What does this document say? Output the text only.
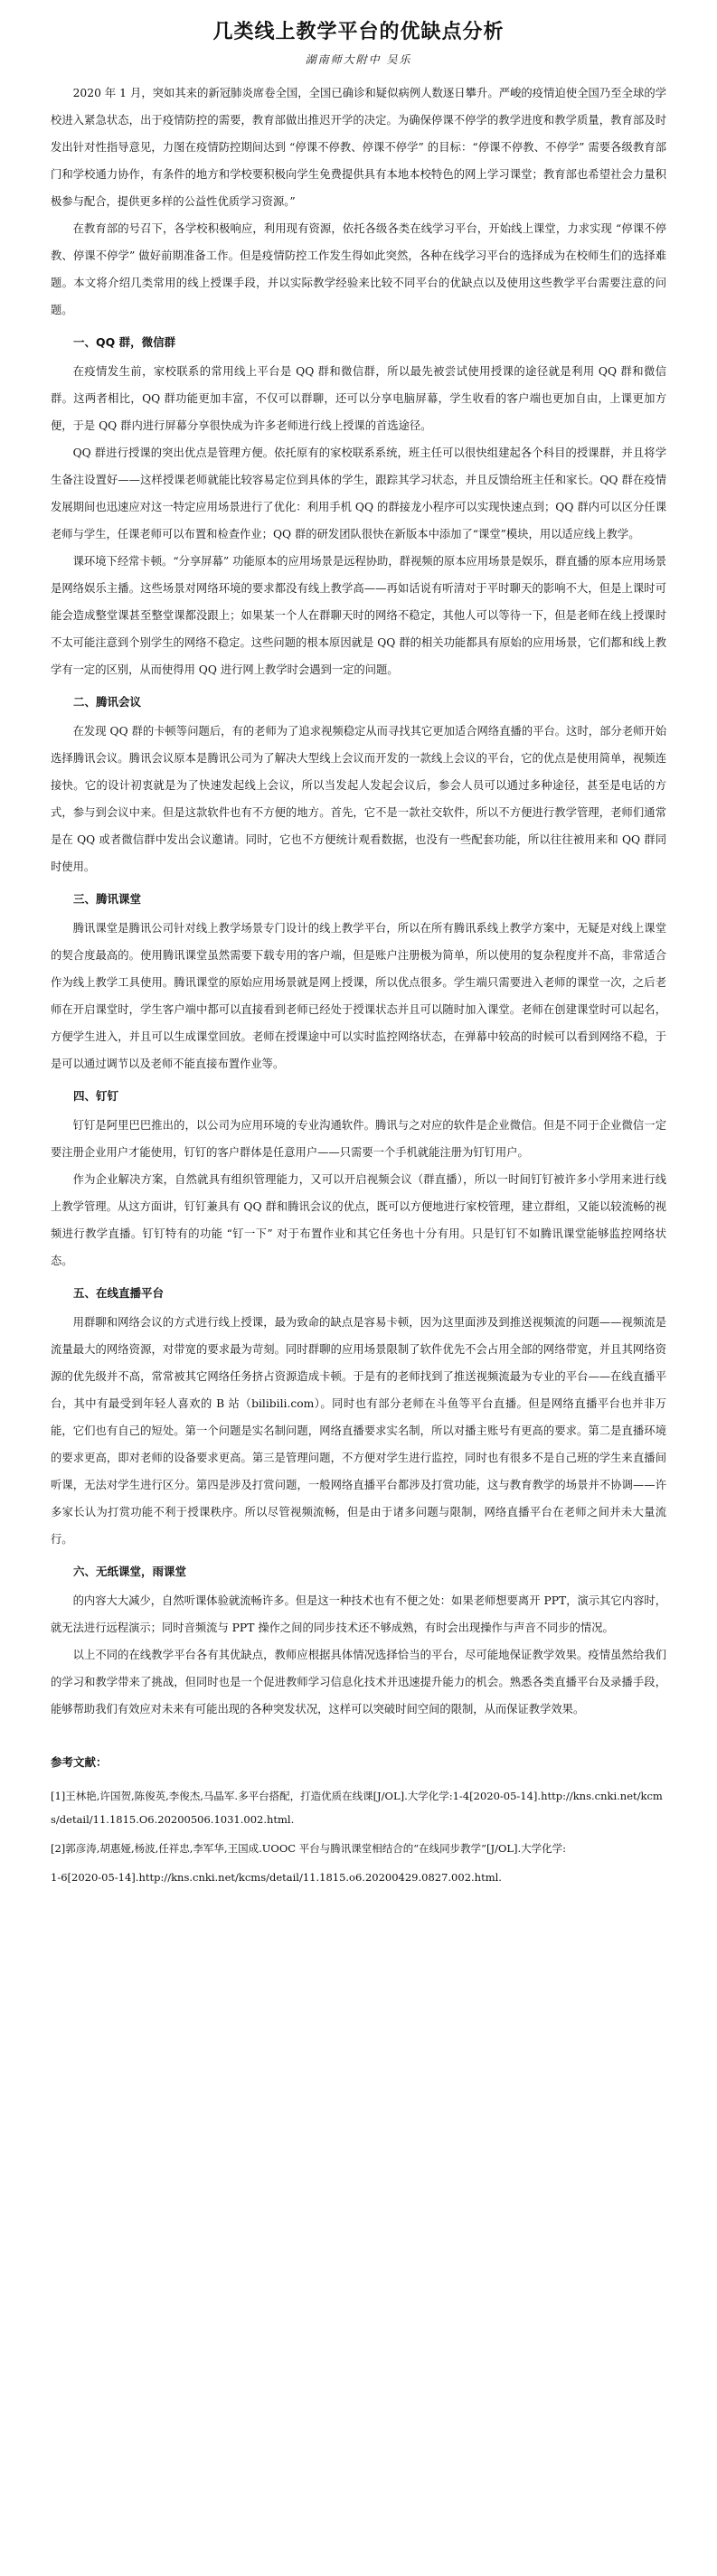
几类线上教学平台的优缺点分析
湖南师大附中 吴乐

2020 年 1 月，突如其来的新冠肺炎席卷全国，全国已确诊和疑似病例人数逐日攀升。严峻的疫情迫使全国乃至全球的学校进入紧急状态，出于疫情防控的需要，教育部做出推迟开学的决定。为确保停课不停学的教学进度和教学质量，教育部及时发出针对性指导意见，力图在疫情防控期间达到 “停课不停教、停课不停学” 的目标：“停课不停教、不停学” 需要各级教育部门和学校通力协作，有条件的地方和学校要积极向学生免费提供具有本地本校特色的网上学习课堂；教育部也希望社会力量积极参与配合，提供更多样的公益性优质学习资源。”

在教育部的号召下，各学校积极响应，利用现有资源，依托各级各类在线学习平台，开始线上课堂，力求实现 “停课不停教、停课不停学” 做好前期准备工作。但是疫情防控工作发生得如此突然，各种在线学习平台的选择成为在校师生们的选择难题。本文将介绍几类常用的线上授课手段，并以实际教学经验来比较不同平台的优缺点以及使用这些教学平台需要注意的问题。

一、QQ 群，微信群

在疫情发生前，家校联系的常用线上平台是 QQ 群和微信群，所以最先被尝试使用授课的途径就是利用 QQ 群和微信群。这两者相比，QQ 群功能更加丰富，不仅可以群聊，还可以分享电脑屏幕，学生收看的客户端也更加自由，上课更加方便，于是 QQ 群内进行屏幕分享很快成为许多老师进行线上授课的首选途径。

QQ 群进行授课的突出优点是管理方便。依托原有的家校联系系统，班主任可以很快组建起各个科目的授课群，并且将学生备注设置好——这样授课老师就能比较容易定位到具体的学生，跟踪其学习状态，并且反馈给班主任和家长。QQ 群在疫情发展期间也迅速应对这一特定应用场景进行了优化：利用手机 QQ 的群接龙小程序可以实现快速点到；QQ 群内可以区分任课老师与学生，任课老师可以布置和检查作业；QQ 群的研发团队很快在新版本中添加了“课堂”模块，用以适应线上教学。

课环境下经常卡顿。“分享屏幕” 功能原本的应用场景是远程协助，群视频的原本应用场景是娱乐，群直播的原本应用场景是网络娱乐主播。这些场景对网络环境的要求都没有线上教学高——再如话说有听清对于平时聊天的影响不大，但是上课时可能会造成整堂课甚至整堂课都没跟上；如果某一个人在群聊天时的网络不稳定，其他人可以等待一下，但是老师在线上授课时不太可能注意到个别学生的网络不稳定。这些问题的根本原因就是 QQ 群的相关功能都具有原始的应用场景，它们都和线上教学有一定的区别，从而使得用 QQ 进行网上教学时会遇到一定的问题。

二、腾讯会议

在发现 QQ 群的卡顿等问题后，有的老师为了追求视频稳定从而寻找其它更加适合网络直播的平台。这时，部分老师开始选择腾讯会议。腾讯会议原本是腾讯公司为了解决大型线上会议而开发的一款线上会议的平台，它的优点是使用简单，视频连接快。它的设计初衷就是为了快速发起线上会议，所以当发起人发起会议后，参会人员可以通过多种途径，甚至是电话的方式，参与到会议中来。但是这款软件也有不方便的地方。首先，它不是一款社交软件，所以不方便进行教学管理，老师们通常是在 QQ 或者微信群中发出会议邀请。同时，它也不方便统计观看数据，也没有一些配套功能，所以往往被用来和 QQ 群同时使用。

三、腾讯课堂

腾讯课堂是腾讯公司针对线上教学场景专门设计的线上教学平台，所以在所有腾讯系线上教学方案中，无疑是对线上课堂的契合度最高的。使用腾讯课堂虽然需要下载专用的客户端，但是账户注册极为简单，所以使用的复杂程度并不高，非常适合作为线上教学工具使用。腾讯课堂的原始应用场景就是网上授课，所以优点很多。学生端只需要进入老师的课堂一次，之后老师在开启课堂时，学生客户端中都可以直接看到老师已经处于授课状态并且可以随时加入课堂。老师在创建课堂时可以起名，方便学生进入，并且可以生成课堂回放。老师在授课途中可以实时监控网络状态，在弹幕中较高的时候可以看到网络不稳，于是可以通过调节以及老师不能直接布置作业等。

四、钉钉

钉钉是阿里巴巴推出的，以公司为应用环境的专业沟通软件。腾讯与之对应的软件是企业微信。但是不同于企业微信一定要注册企业用户才能使用，钉钉的客户群体是任意用户——只需要一个手机就能注册为钉钉用户。

作为企业解决方案，自然就具有组织管理能力，又可以开启视频会议（群直播），所以一时间钉钉被许多小学用来进行线上教学管理。从这方面讲，钉钉兼具有 QQ 群和腾讯会议的优点，既可以方便地进行家校管理，建立群组，又能以较流畅的视频进行教学直播。钉钉特有的功能 “钉一下” 对于布置作业和其它任务也十分有用。只是钉钉不如腾讯课堂能够监控网络状态。

五、在线直播平台

用群聊和网络会议的方式进行线上授课，最为致命的缺点是容易卡顿，因为这里面涉及到推送视频流的问题——视频流是流量最大的网络资源，对带宽的要求最为苛刻。同时群聊的应用场景限制了软件优先不会占用全部的网络带宽，并且其网络资源的优先级并不高，常常被其它网络任务挤占资源造成卡顿。于是有的老师找到了推送视频流最为专业的平台——在线直播平台，其中有最受到年轻人喜欢的 B 站（bilibili.com）。同时也有部分老师在斗鱼等平台直播。但是网络直播平台也并非万能，它们也有自己的短处。第一个问题是实名制问题，网络直播要求实名制，所以对播主账号有更高的要求。第二是直播环境的要求更高，即对老师的设备要求更高。第三是管理问题，不方便对学生进行监控，同时也有很多不是自己班的学生来直播间听课，无法对学生进行区分。第四是涉及打赏问题，一般网络直播平台都涉及打赏功能，这与教育教学的场景并不协调——许多家长认为打赏功能不利于授课秩序。所以尽管视频流畅，但是由于诸多问题与限制，网络直播平台在老师之间并未大量流行。

六、无纸课堂，雨课堂

的内容大大减少，自然听课体验就流畅许多。但是这一种技术也有不便之处：如果老师想要离开 PPT，演示其它内容时，就无法进行远程演示；同时音频流与 PPT 操作之间的同步技术还不够成熟，有时会出现操作与声音不同步的情况。

以上不同的在线教学平台各有其优缺点，教师应根据具体情况选择恰当的平台，尽可能地保证教学效果。疫情虽然给我们的学习和教学带来了挑战，但同时也是一个促进教师学习信息化技术并迅速提升能力的机会。熟悉各类直播平台及录播手段，能够帮助我们有效应对未来有可能出现的各种突发状况，这样可以突破时间空间的限制，从而保证教学效果。

参考文献：
[1]王林艳,许国贺,陈俊英,李俊杰,马晶军.多平台搭配，打造优质在线课[J/OL].大学化学:1-4[2020-05-14].http://kns.cnki.net/kcms/detail/11.1815.O6.20200506.1031.002.html.
[2]郭彦涛,胡惠娅,杨波,任祥忠,李军华,王国成.UOOC 平台与腾讯课堂相结合的“在线同步教学”[J/OL].大学化学:
1-6[2020-05-14].http://kns.cnki.net/kcms/detail/11.1815.o6.20200429.0827.002.html.
